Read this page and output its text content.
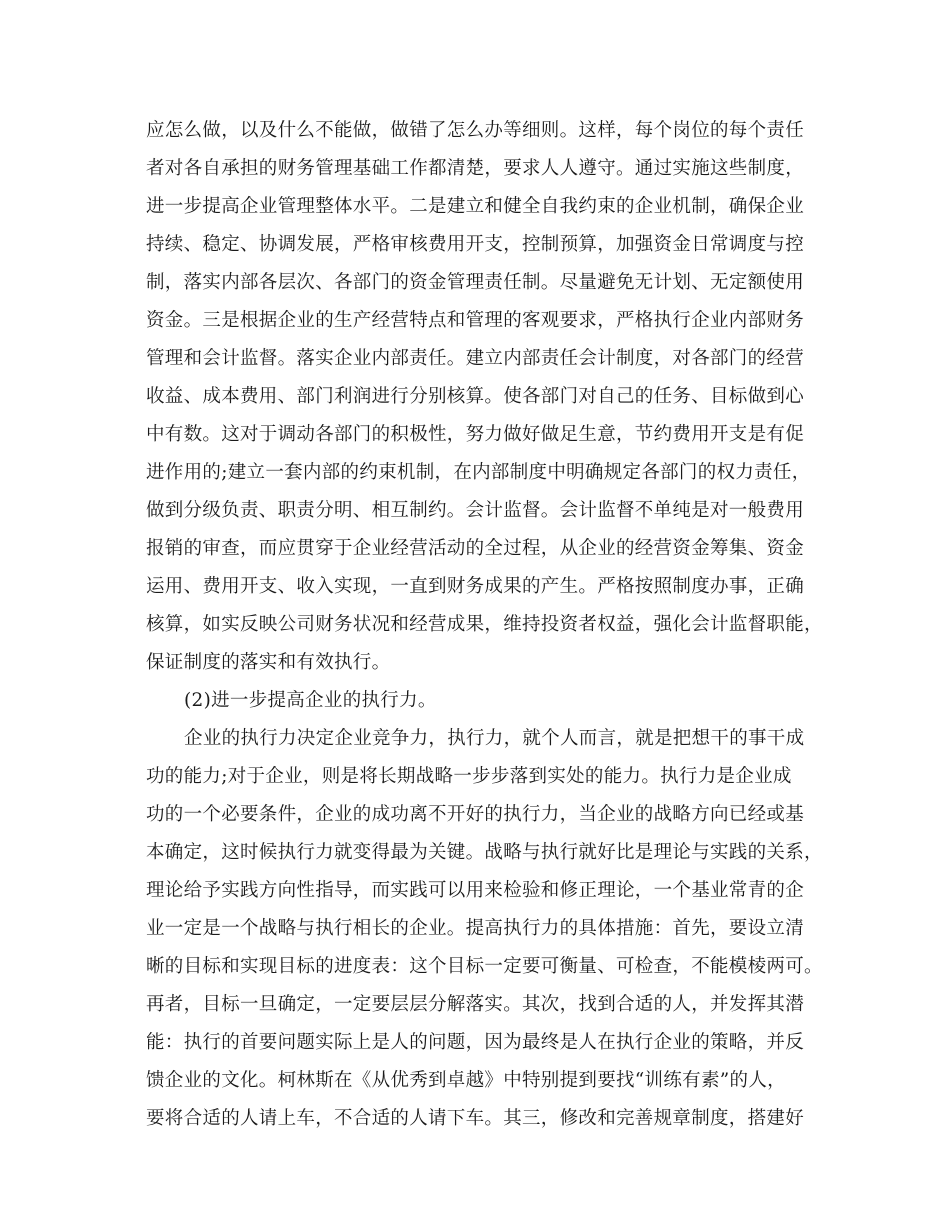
应怎么做，以及什么不能做，做错了怎么办等细则。这样，每个岗位的每个责任
者对各自承担的财务管理基础工作都清楚，要求人人遵守。通过实施这些制度，
进一步提高企业管理整体水平。二是建立和健全自我约束的企业机制，确保企业
持续、稳定、协调发展，严格审核费用开支，控制预算，加强资金日常调度与控
制，落实内部各层次、各部门的资金管理责任制。尽量避免无计划、无定额使用
资金。三是根据企业的生产经营特点和管理的客观要求，严格执行企业内部财务
管理和会计监督。落实企业内部责任。建立内部责任会计制度，对各部门的经营
收益、成本费用、部门利润进行分别核算。使各部门对自己的任务、目标做到心
中有数。这对于调动各部门的积极性，努力做好做足生意，节约费用开支是有促
进作用的;建立一套内部的约束机制，在内部制度中明确规定各部门的权力责任，
做到分级负责、职责分明、相互制约。会计监督。会计监督不单纯是对一般费用
报销的审查，而应贯穿于企业经营活动的全过程，从企业的经营资金筹集、资金
运用、费用开支、收入实现，一直到财务成果的产生。严格按照制度办事，正确
核算，如实反映公司财务状况和经营成果，维持投资者权益，强化会计监督职能，
保证制度的落实和有效执行。
(2)进一步提高企业的执行力。
企业的执行力决定企业竞争力，执行力，就个人而言，就是把想干的事干成
功的能力;对于企业，则是将长期战略一步步落到实处的能力。执行力是企业成
功的一个必要条件，企业的成功离不开好的执行力，当企业的战略方向已经或基
本确定，这时候执行力就变得最为关键。战略与执行就好比是理论与实践的关系，
理论给予实践方向性指导，而实践可以用来检验和修正理论，一个基业常青的企
业一定是一个战略与执行相长的企业。提高执行力的具体措施：首先，要设立清
晰的目标和实现目标的进度表：这个目标一定要可衡量、可检查，不能模棱两可。
再者，目标一旦确定，一定要层层分解落实。其次，找到合适的人，并发挥其潜
能：执行的首要问题实际上是人的问题，因为最终是人在执行企业的策略，并反
馈企业的文化。柯林斯在《从优秀到卓越》中特别提到要找“训练有素”的人，
要将合适的人请上车，不合适的人请下车。其三，修改和完善规章制度，搭建好
